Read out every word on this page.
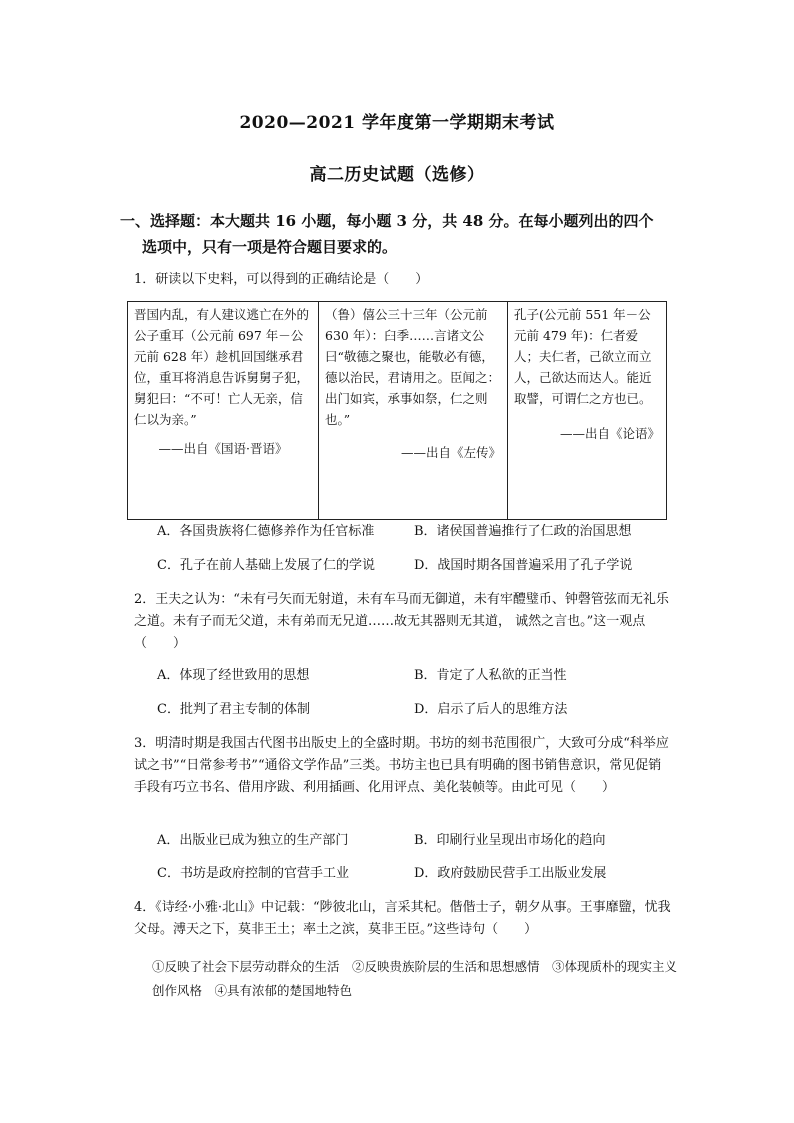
2020—2021 学年度第一学期期末考试
高二历史试题（选修）
一、选择题：本大题共 16 小题，每小题 3 分，共 48 分。在每小题列出的四个
选项中，只有一项是符合题目要求的。
1．研读以下史料，可以得到的正确结论是（　　）
晋国内乱，有人建议逃亡在外的公子重耳（公元前 697 年－公元前 628 年）趁机回国继承君位，重耳将消息告诉舅舅子犯，舅犯曰：“不可！亡人无亲，信仁以为亲。”
——出自《国语·晋语》
	（鲁）僖公三十三年（公元前 630 年）：臼季……言诸文公曰“敬德之聚也，能敬必有德，德以治民，君请用之。臣闻之：出门如宾，承事如祭，仁之则也。”
——出自《左传》
	孔子(公元前 551 年－公元前 479 年)：仁者爱人；夫仁者，己欲立而立人，己欲达而达人。能近取譬，可谓仁之方也已。
——出自《论语》
A．各国贵族将仁德修养作为任官标准	B．诸侯国普遍推行了仁政的治国思想
C．孔子在前人基础上发展了仁的学说	D．战国时期各国普遍采用了孔子学说
2．王夫之认为：“未有弓矢而无射道，未有车马而无御道，未有牢醴璧币、钟磬管弦而无礼乐之道。未有子而无父道，未有弟而无兄道……故无其器则无其道， 诚然之言也。”这一观点（　　）
A．体现了经世致用的思想	B．肯定了人私欲的正当性
C．批判了君主专制的体制	D．启示了后人的思维方法
3．明清时期是我国古代图书出版史上的全盛时期。书坊的刻书范围很广，大致可分成“科举应试之书”“日常参考书”“通俗文学作品”三类。书坊主也已具有明确的图书销售意识，常见促销手段有巧立书名、借用序跋、利用插画、化用评点、美化装帧等。由此可见（　　）
A．出版业已成为独立的生产部门	B．印刷行业呈现出市场化的趋向
C．书坊是政府控制的官营手工业	D．政府鼓励民营手工出版业发展
4．《诗经·小雅·北山》中记载：“陟彼北山，言采其杞。偕偕士子，朝夕从事。王事靡盬，忧我父母。溥天之下，莫非王土；率土之滨，莫非王臣。”这些诗句（　　）
①反映了社会下层劳动群众的生活　②反映贵族阶层的生活和思想感情　③体现质朴的现实主义创作风格　④具有浓郁的楚国地特色
